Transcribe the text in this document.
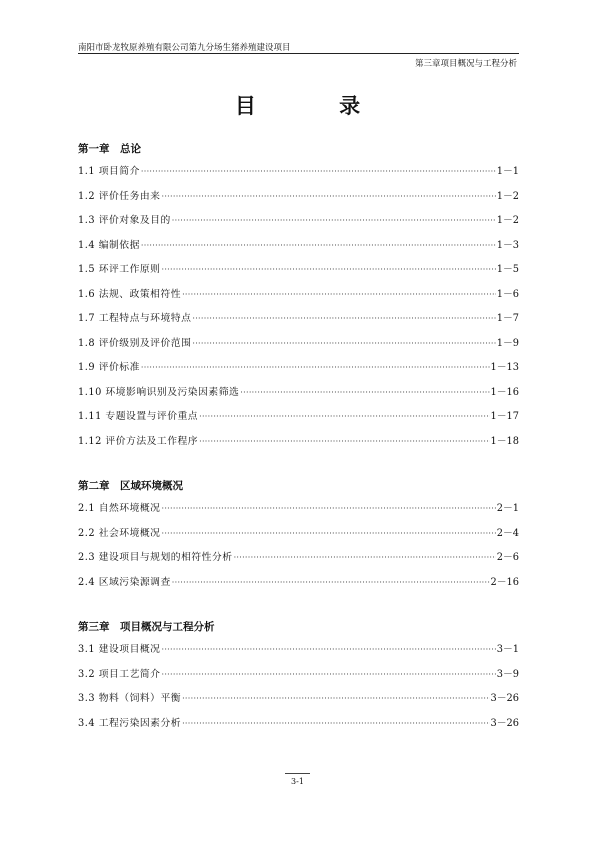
南阳市卧龙牧原养殖有限公司第九分场生猪养殖建设项目
第三章项目概况与工程分析
目 录
第一章　总论
1.1 项目简介 ·····	1－1
1.2 评价任务由来 ·····	1－2
1.3 评价对象及目的 ·····	1－2
1.4 编制依据 ·····	1－3
1.5 环评工作原则 ·····	1－5
1.6 法规、政策相符性 ·····	1－6
1.7 工程特点与环境特点 ·····	1－7
1.8 评价级别及评价范围 ·····	1－9
1.9 评价标准 ·····	1－13
1.10 环境影响识别及污染因素筛选 ·····	1－16
1.11 专题设置与评价重点 ·····	1－17
1.12 评价方法及工作程序 ·····	1－18
第二章　区域环境概况
2.1 自然环境概况 ·····	2－1
2.2 社会环境概况 ·····	2－4
2.3 建设项目与规划的相符性分析 ·····	2－6
2.4 区域污染源调查 ·····	2－16
第三章　项目概况与工程分析
3.1 建设项目概况 ·····	3－1
3.2 项目工艺简介 ·····	3－9
3.3 物料（饲料）平衡 ·····	3－26
3.4 工程污染因素分析 ·····	3－26
3-1
